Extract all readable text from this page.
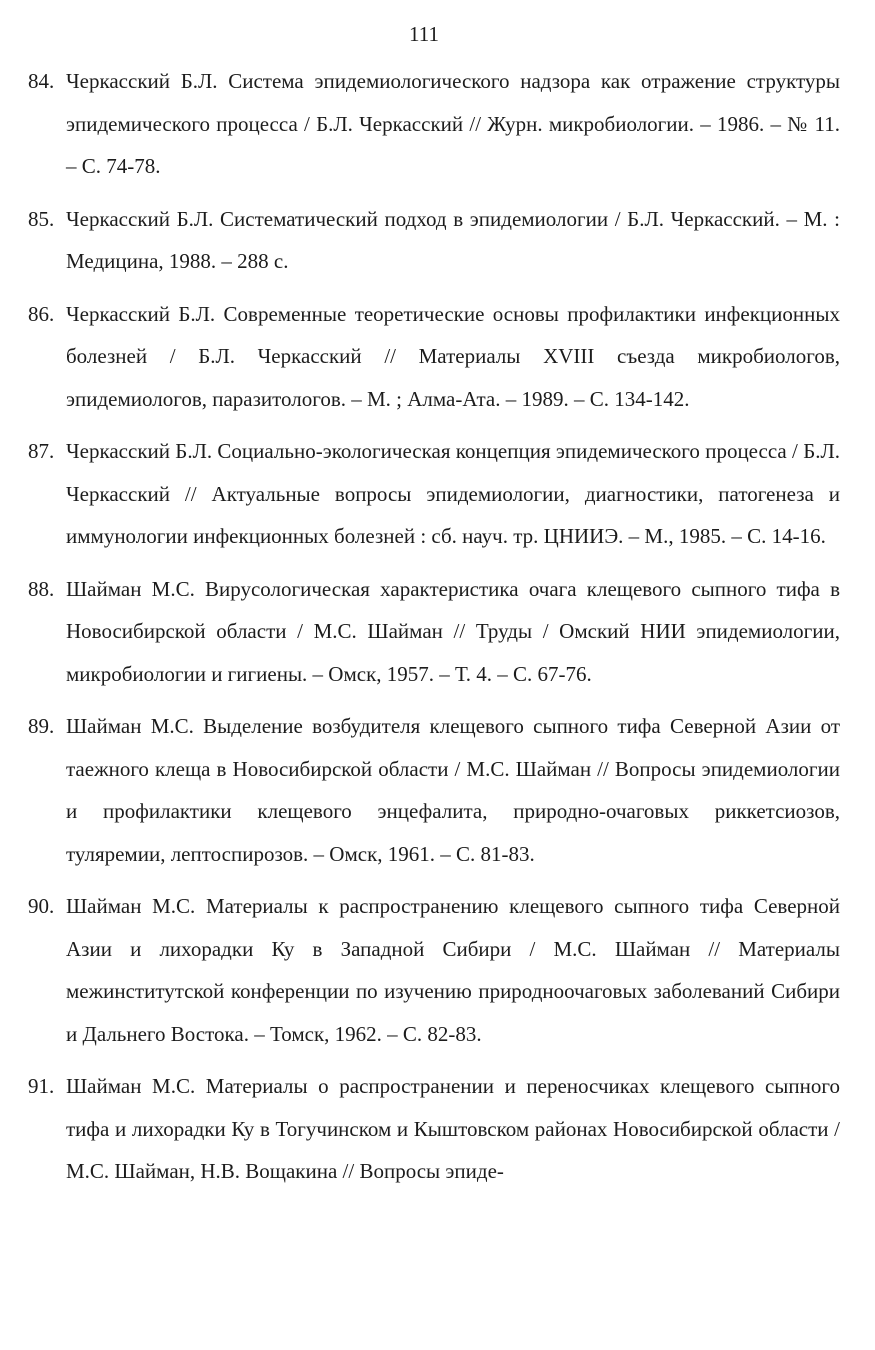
111
84. Черкасский Б.Л. Система эпидемиологического надзора как отражение структуры эпидемического процесса / Б.Л. Черкасский // Журн. микробиологии. – 1986. – № 11. – С. 74-78.
85. Черкасский Б.Л. Систематический подход в эпидемиологии / Б.Л. Черкасский. – М. : Медицина, 1988. – 288 с.
86. Черкасский Б.Л. Современные теоретические основы профилактики инфекционных болезней / Б.Л. Черкасский // Материалы XVIII съезда микробиологов, эпидемиологов, паразитологов. – М. ; Алма-Ата. – 1989. – С. 134-142.
87. Черкасский Б.Л. Социально-экологическая концепция эпидемического процесса / Б.Л. Черкасский // Актуальные вопросы эпидемиологии, диагностики, патогенеза и иммунологии инфекционных болезней : сб. науч. тр. ЦНИИЭ. – М., 1985. – С. 14-16.
88. Шайман М.С. Вирусологическая характеристика очага клещевого сыпного тифа в Новосибирской области / М.С. Шайман // Труды / Омский НИИ эпидемиологии, микробиологии и гигиены. – Омск, 1957. – Т. 4. – С. 67-76.
89. Шайман М.С. Выделение возбудителя клещевого сыпного тифа Северной Азии от таежного клеща в Новосибирской области / М.С. Шайман // Вопросы эпидемиологии и профилактики клещевого энцефалита, природно-очаговых риккетсиозов, туляремии, лептоспирозов. – Омск, 1961. – С. 81-83.
90. Шайман М.С. Материалы к распространению клещевого сыпного тифа Северной Азии и лихорадки Ку в Западной Сибири / М.С. Шайман // Материалы межинститутской конференции по изучению природноочаговых заболеваний Сибири и Дальнего Востока. – Томск, 1962. – С. 82-83.
91. Шайман М.С. Материалы о распространении и переносчиках клещевого сыпного тифа и лихорадки Ку в Тогучинском и Кыштовском районах Новосибирской области / М.С. Шайман, Н.В. Вощакина // Вопросы эпиде-
